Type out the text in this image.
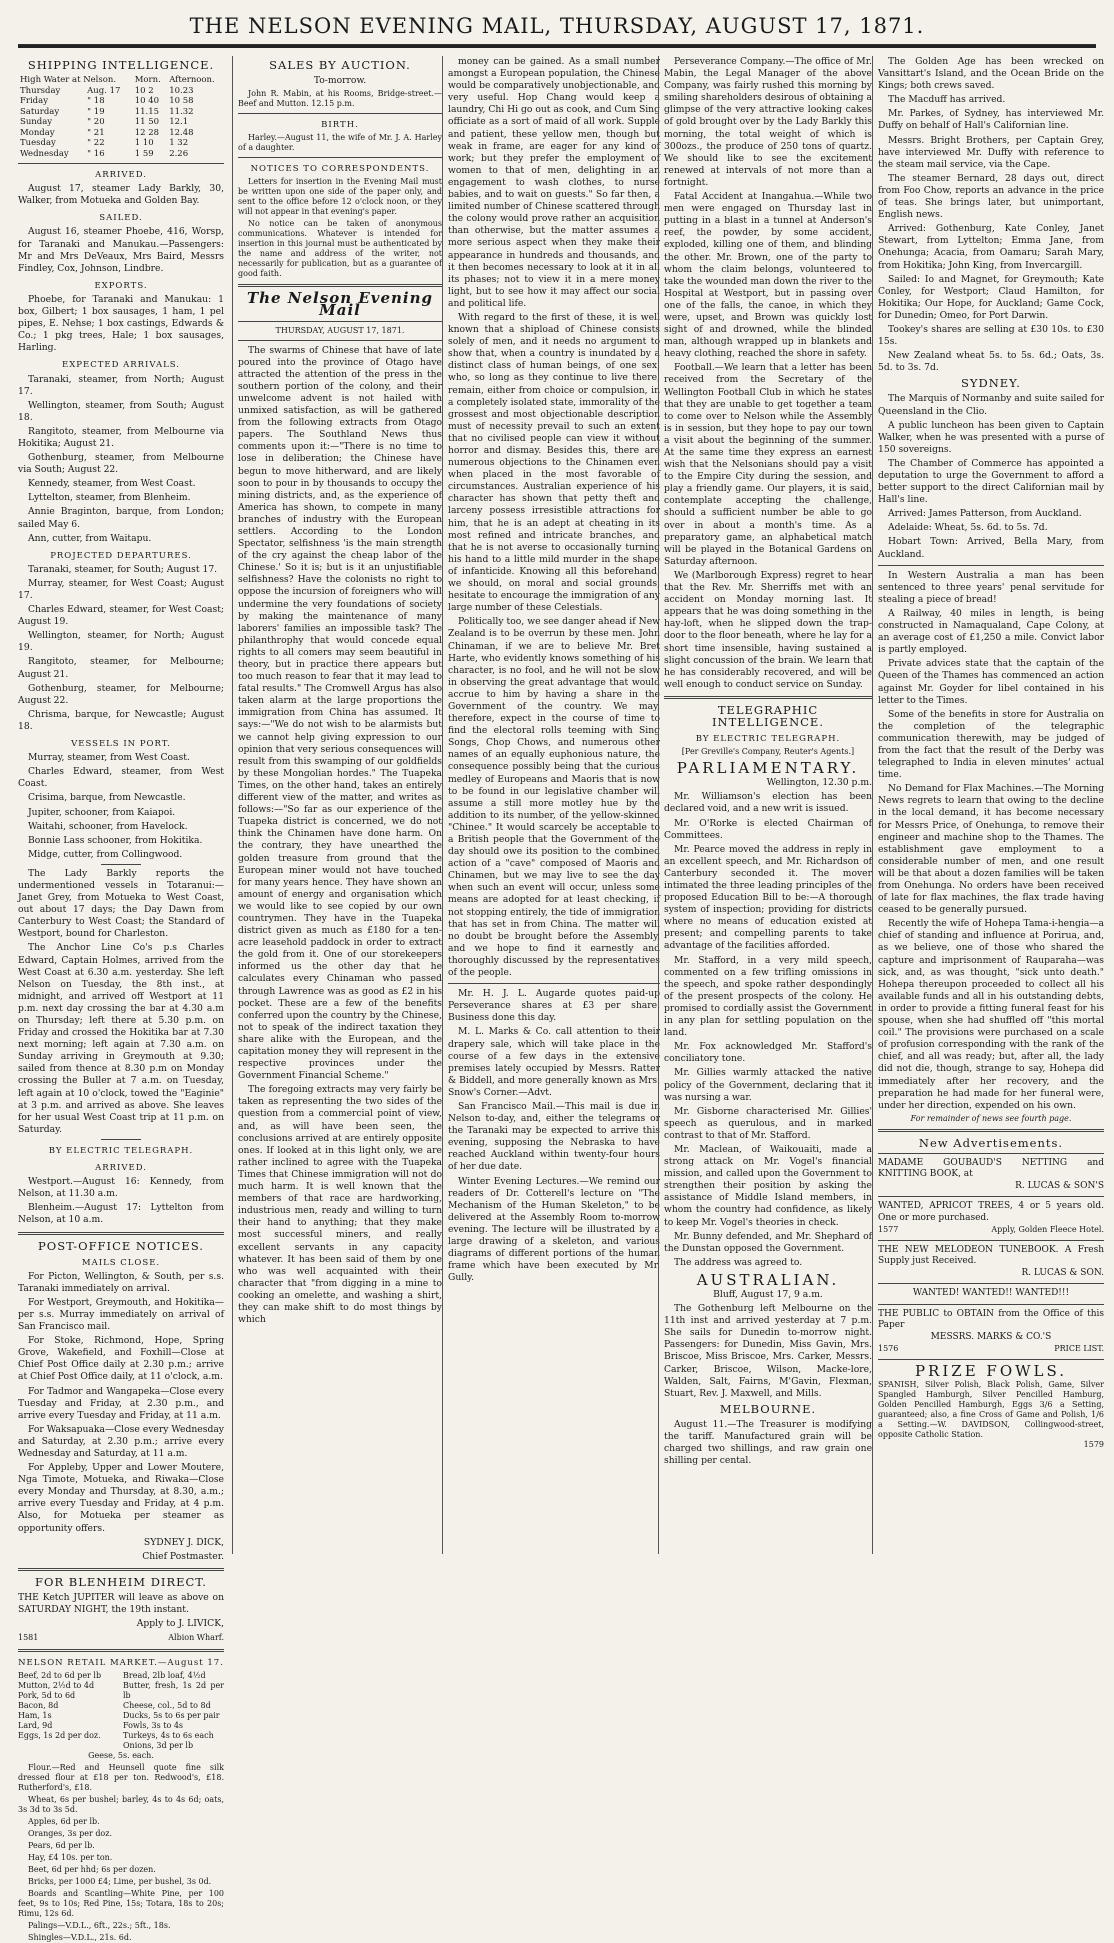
THE NELSON EVENING MAIL, THURSDAY, AUGUST 17, 1871.
SHIPPING INTELLIGENCE.
High Water at Nelson.		Morn.	Afternoon.
Thursday	Aug. 17	10 2	10.23
Friday	" 18	10 40	10 58
Saturday	" 19	11.15	11.32
Sunday	" 20	11 50	12.1
Monday	" 21	12 28	12.48
Tuesday	" 22	1 10	1 32
Wednesday	" 16	1 59	2.26
ARRIVED.

August 17, steamer Lady Barkly, 30, Walker, from Motueka and Golden Bay.

SAILED.

August 16, steamer Phoebe, 416, Worsp, for Taranaki and Manukau.—Passengers: Mr and Mrs DeVeaux, Mrs Baird, Messrs Findley, Cox, Johnson, Lindbre.

EXPORTS.

Phoebe, for Taranaki and Manukau: 1 box, Gilbert; 1 box sausages, 1 ham, 1 pel pipes, E. Nehse; 1 box castings, Edwards & Co.; 1 pkg trees, Hale; 1 box sausages, Harling.

EXPECTED ARRIVALS.

Taranaki, steamer, from North; August 17.

Wellington, steamer, from South; August 18.

Rangitoto, steamer, from Melbourne via Hokitika; August 21.

Gothenburg, steamer, from Melbourne via South; August 22.

Kennedy, steamer, from West Coast.

Lyttelton, steamer, from Blenheim.

Annie Braginton, barque, from London; sailed May 6.

Ann, cutter, from Waitapu.

PROJECTED DEPARTURES.

Taranaki, steamer, for South; August 17.

Murray, steamer, for West Coast; August 17.

Charles Edward, steamer, for West Coast; August 19.

Wellington, steamer, for North; August 19.

Rangitoto, steamer, for Melbourne; August 21.

Gothenburg, steamer, for Melbourne; August 22.

Chrisma, barque, for Newcastle; August 18.

VESSELS IN PORT.

Murray, steamer, from West Coast.

Charles Edward, steamer, from West Coast.

Crisima, barque, from Newcastle.

Jupiter, schooner, from Kaiapoi.

Waitahi, schooner, from Havelock.

Bonnie Lass schooner, from Hokitika.

Midge, cutter, from Collingwood.

The Lady Barkly reports the undermentioned vessels in Totaranui:—Janet Grey, from Motueka to West Coast, out about 17 days; the Day Dawn from Canterbury to West Coast; the Standard of Westport, bound for Charleston.

The Anchor Line Co's p.s Charles Edward, Captain Holmes, arrived from the West Coast at 6.30 a.m. yesterday. She left Nelson on Tuesday, the 8th inst., at midnight, and arrived off Westport at 11 p.m. next day crossing the bar at 4.30 a.m on Thursday; left there at 5.30 p.m. on Friday and crossed the Hokitika bar at 7.30 next morning; left again at 7.30 a.m. on Sunday arriving in Greymouth at 9.30; sailed from thence at 8.30 p.m on Monday crossing the Buller at 7 a.m. on Tuesday, left again at 10 o'clock, towed the "Eaginie" at 3 p.m. and arrived as above. She leaves for her usual West Coast trip at 11 p.m. on Saturday.

BY ELECTRIC TELEGRAPH.
ARRIVED.

Westport.—August 16: Kennedy, from Nelson, at 11.30 a.m.

Blenheim.—August 17: Lyttelton from Nelson, at 10 a.m.

POST-OFFICE NOTICES.
MAILS CLOSE.

For Picton, Wellington, & South, per s.s. Taranaki immediately on arrival.

For Westport, Greymouth, and Hokitika—per s.s. Murray immediately on arrival of San Francisco mail.

For Stoke, Richmond, Hope, Spring Grove, Wakefield, and Foxhill—Close at Chief Post Office daily at 2.30 p.m.; arrive at Chief Post Office daily, at 11 o'clock, a.m.

For Tadmor and Wangapeka—Close every Tuesday and Friday, at 2.30 p.m., and arrive every Tuesday and Friday, at 11 a.m.

For Waksapuaka—Close every Wednesday and Saturday, at 2.30 p.m.; arrive every Wednesday and Saturday, at 11 a.m.

For Appleby, Upper and Lower Moutere, Nga Timote, Motueka, and Riwaka—Close every Monday and Thursday, at 8.30, a.m.; arrive every Tuesday and Friday, at 4 p.m. Also, for Motueka per steamer as opportunity offers.

SYDNEY J. DICK,

Chief Postmaster.

FOR BLENHEIM DIRECT.

THE Ketch JUPITER will leave as above on SATURDAY NIGHT, the 19th instant.

Apply to J. LIVICK,

1581	Albion Wharf.
NELSON RETAIL MARKET.—August 17.
Beef, 2d to 6d per lb
Mutton, 2½d to 4d
Pork, 5d to 6d
Bacon, 8d
Ham, 1s
Lard, 9d
Eggs, 1s 2d per doz.
Bread, 2lb loaf, 4½d
Butter, fresh, 1s 2d per lb
Cheese, col., 5d to 8d
Ducks, 5s to 6s per pair
Fowls, 3s to 4s
Turkeys, 4s to 6s each
Onions, 3d per lb

Geese, 5s. each.

Flour.—Red and Heunsell quote fine silk dressed flour at £18 per ton. Redwood's, £18. Rutherford's, £18.

Wheat, 6s per bushel; barley, 4s to 4s 6d; oats, 3s 3d to 3s 5d.

Apples, 6d per lb.

Oranges, 3s per doz.

Pears, 6d per lb.

Hay, £4 10s. per ton.

Beet, 6d per hhd; 6s per dozen.

Bricks, per 1000 £4; Lime, per bushel, 3s 0d.

Boards and Scantling—White Pine, per 100 feet, 9s to 10s; Red Pine, 15s; Totara, 18s to 20s; Rimu, 12s 6d.

Palings—V.D.L., 6ft., 22s.; 5ft., 18s.

Shingles—V.D.L., 21s. 6d.

SALES BY AUCTION.

To-morrow.

John R. Mabin, at his Rooms, Bridge-street.—Beef and Mutton. 12.15 p.m.

BIRTH.

Harley.—August 11, the wife of Mr. J. A. Harley of a daughter.

NOTICES TO CORRESPONDENTS.

Letters for insertion in the Evening Mail must be written upon one side of the paper only, and sent to the office before 12 o'clock noon, or they will not appear in that evening's paper.

No notice can be taken of anonymous communications. Whatever is intended for insertion in this journal must be authenticated by the name and address of the writer, not necessarily for publication, but as a guarantee of good faith.

The Nelson Evening Mail

THURSDAY, AUGUST 17, 1871.

The swarms of Chinese that have of late poured into the province of Otago have attracted the attention of the press in the southern portion of the colony, and their unwelcome advent is not hailed with unmixed satisfaction, as will be gathered from the following extracts from Otago papers. The Southland News thus comments upon it:—"There is no time to lose in deliberation; the Chinese have begun to move hitherward, and are likely soon to pour in by thousands to occupy the mining districts, and, as the experience of America has shown, to compete in many branches of industry with the European settlers. According to the London Spectator, selfishness 'is the main strength of the cry against the cheap labor of the Chinese.' So it is; but is it an unjustifiable selfishness? Have the colonists no right to oppose the incursion of foreigners who will undermine the very foundations of society by making the maintenance of many laborers' families an impossible task? The philanthrophy that would concede equal rights to all comers may seem beautiful in theory, but in practice there appears but too much reason to fear that it may lead to fatal results." The Cromwell Argus has also taken alarm at the large proportions the immigration from China has assumed. It says:—"We do not wish to be alarmists but we cannot help giving expression to our opinion that very serious consequences will result from this swamping of our goldfields by these Mongolian hordes." The Tuapeka Times, on the other hand, takes an entirely different view of the matter, and writes as follows:—"So far as our experience of the Tuapeka district is concerned, we do not think the Chinamen have done harm. On the contrary, they have unearthed the golden treasure from ground that the European miner would not have touched for many years hence. They have shown an amount of energy and organisation which we would like to see copied by our own countrymen. They have in the Tuapeka district given as much as £180 for a ten-acre leasehold paddock in order to extract the gold from it. One of our storekeepers informed us the other day that he calculates every Chinaman who passed through Lawrence was as good as £2 in his pocket. These are a few of the benefits conferred upon the country by the Chinese, not to speak of the indirect taxation they share alike with the European, and the capitation money they will represent in the respective provinces under the Government Financial Scheme."

The foregoing extracts may very fairly be taken as representing the two sides of the question from a commercial point of view, and, as will have been seen, the conclusions arrived at are entirely opposite ones. If looked at in this light only, we are rather inclined to agree with the Tuapeka Times that Chinese immigration will not do much harm. It is well known that the members of that race are hardworking, industrious men, ready and willing to turn their hand to anything; that they make most successful miners, and really excellent servants in any capacity whatever. It has been said of them by one who was well acquainted with their character that "from digging in a mine to cooking an omelette, and washing a shirt, they can make shift to do most things by which

money can be gained. As a small number amongst a European population, the Chinese would be comparatively unobjectionable, and very useful. Hop Chang would keep a laundry, Chi Hi go out as cook, and Cum Sing officiate as a sort of maid of all work. Supple and patient, these yellow men, though but weak in frame, are eager for any kind of work; but they prefer the employment of women to that of men, delighting in an engagement to wash clothes, to nurse babies, and to wait on guests." So far then, a limited number of Chinese scattered through the colony would prove rather an acquisition than otherwise, but the matter assumes a more serious aspect when they make their appearance in hundreds and thousands, and it then becomes necessary to look at it in all its phases; not to view it in a mere money light, but to see how it may affect our social and political life.

With regard to the first of these, it is well known that a shipload of Chinese consists solely of men, and it needs no argument to show that, when a country is inundated by a distinct class of human beings, of one sex, who, so long as they continue to live there, remain, either from choice or compulsion, in a completely isolated state, immorality of the grossest and most objectionable description must of necessity prevail to such an extent that no civilised people can view it without horror and dismay. Besides this, there are numerous objections to the Chinamen even when placed in the most favorable of circumstances. Australian experience of his character has shown that petty theft and larceny possess irresistible attractions for him, that he is an adept at cheating in its most refined and intricate branches, and that he is not averse to occasionally turning his hand to a little mild murder in the shape of infanticide. Knowing all this beforehand, we should, on moral and social grounds, hesitate to encourage the immigration of any large number of these Celestials.

Politically too, we see danger ahead if New Zealand is to be overrun by these men. John Chinaman, if we are to believe Mr. Bret Harte, who evidently knows something of his character, is no fool, and he will not be slow in observing the great advantage that would accrue to him by having a share in the Government of the country. We may, therefore, expect in the course of time to find the electoral rolls teeming with Sing Songs, Chop Chows, and numerous other names of an equally euphonious nature, the consequence possibly being that the curious medley of Europeans and Maoris that is now to be found in our legislative chamber will assume a still more motley hue by the addition to its number, of the yellow-skinned "Chinee." It would scarcely be acceptable to a British people that the Government of the day should owe its position to the combined action of a "cave" composed of Maoris and Chinamen, but we may live to see the day when such an event will occur, unless some means are adopted for at least checking, if not stopping entirely, the tide of immigration that has set in from China. The matter will no doubt be brought before the Assembly, and we hope to find it earnestly and thoroughly discussed by the representatives of the people.

Mr. H. J. L. Augarde quotes paid-up Perseverance shares at £3 per share. Business done this day.

M. L. Marks & Co. call attention to their drapery sale, which will take place in the course of a few days in the extensive premises lately occupied by Messrs. Ratter & Biddell, and more generally known as Mrs. Snow's Corner.—Advt.

San Francisco Mail.—This mail is due in Nelson to-day, and, either the telegrams or the Taranaki may be expected to arrive this evening, supposing the Nebraska to have reached Auckland within twenty-four hours of her due date.

Winter Evening Lectures.—We remind our readers of Dr. Cotterell's lecture on "The Mechanism of the Human Skeleton," to be delivered at the Assembly Room to-morrow evening. The lecture will be illustrated by a large drawing of a skeleton, and various diagrams of different portions of the human frame which have been executed by Mr. Gully.

Perseverance Company.—The office of Mr. Mabin, the Legal Manager of the above Company, was fairly rushed this morning by smiling shareholders desirous of obtaining a glimpse of the very attractive looking cakes of gold brought over by the Lady Barkly this morning, the total weight of which is 300ozs., the produce of 250 tons of quartz. We should like to see the excitement renewed at intervals of not more than a fortnight.

Fatal Accident at Inangahua.—While two men were engaged on Thursday last in putting in a blast in a tunnel at Anderson's reef, the powder, by some accident, exploded, killing one of them, and blinding the other. Mr. Brown, one of the party to whom the claim belongs, volunteered to take the wounded man down the river to the Hospital at Westport, but in passing over one of the falls, the canoe, in which they were, upset, and Brown was quickly lost sight of and drowned, while the blinded man, although wrapped up in blankets and heavy clothing, reached the shore in safety.

Football.—We learn that a letter has been received from the Secretary of the Wellington Football Club in which he states that they are unable to get together a team to come over to Nelson while the Assembly is in session, but they hope to pay our town a visit about the beginning of the summer. At the same time they express an earnest wish that the Nelsonians should pay a visit to the Empire City during the session, and play a friendly game. Our players, it is said, contemplate accepting the challenge, should a sufficient number be able to go over in about a month's time. As a preparatory game, an alphabetical match will be played in the Botanical Gardens on Saturday afternoon.

We (Marlborough Express) regret to hear that the Rev. Mr. Sherriffs met with an accident on Monday morning last. It appears that he was doing something in the hay-loft, when he slipped down the trap-door to the floor beneath, where he lay for a short time insensible, having sustained a slight concussion of the brain. We learn that he has considerably recovered, and will be well enough to conduct service on Sunday.

TELEGRAPHIC INTELLIGENCE.
BY ELECTRIC TELEGRAPH.

[Per Greville's Company, Reuter's Agents.]

PARLIAMENTARY.

Wellington, 12.30 p.m.

Mr. Williamson's election has been declared void, and a new writ is issued.

Mr. O'Rorke is elected Chairman of Committees.

Mr. Pearce moved the address in reply in an excellent speech, and Mr. Richardson of Canterbury seconded it. The mover intimated the three leading principles of the proposed Education Bill to be:—A thorough system of inspection; providing for districts where no means of education existed at present; and compelling parents to take advantage of the facilities afforded.

Mr. Stafford, in a very mild speech, commented on a few trifling omissions in the speech, and spoke rather despondingly of the present prospects of the colony. He promised to cordially assist the Government in any plan for settling population on the land.

Mr. Fox acknowledged Mr. Stafford's conciliatory tone.

Mr. Gillies warmly attacked the native policy of the Government, declaring that it was nursing a war.

Mr. Gisborne characterised Mr. Gillies' speech as querulous, and in marked contrast to that of Mr. Stafford.

Mr. Maclean, of Waikouaiti, made a strong attack on Mr. Vogel's financial mission, and called upon the Government to strengthen their position by asking the assistance of Middle Island members, in whom the country had confidence, as likely to keep Mr. Vogel's theories in check.

Mr. Bunny defended, and Mr. Shephard of the Dunstan opposed the Government.

The address was agreed to.

AUSTRALIAN.

Bluff, August 17, 9 a.m.

The Gothenburg left Melbourne on the 11th inst and arrived yesterday at 7 p.m. She sails for Dunedin to-morrow night. Passengers: for Dunedin, Miss Gavin, Mrs. Briscoe, Miss Briscoe, Mrs. Carker, Messrs. Carker, Briscoe, Wilson, Macke-lore, Walden, Salt, Fairns, M'Gavin, Flexman, Stuart, Rev. J. Maxwell, and Mills.

MELBOURNE.

August 11.—The Treasurer is modifying the tariff. Manufactured grain will be charged two shillings, and raw grain one shilling per cental.

The Golden Age has been wrecked on Vansittart's Island, and the Ocean Bride on the Kings; both crews saved.

The Macduff has arrived.

Mr. Parkes, of Sydney, has interviewed Mr. Duffy on behalf of Hall's Californian line.

Messrs. Bright Brothers, per Captain Grey, have interviewed Mr. Duffy with reference to the steam mail service, via the Cape.

The steamer Bernard, 28 days out, direct from Foo Chow, reports an advance in the price of teas. She brings later, but unimportant, English news.

Arrived: Gothenburg, Kate Conley, Janet Stewart, from Lyttelton; Emma Jane, from Onehunga; Acacia, from Oamaru; Sarah Mary, from Hokitika; John King, from Invercargill.

Sailed: Io and Magnet, for Greymouth; Kate Conley, for Westport; Claud Hamilton, for Hokitika; Our Hope, for Auckland; Game Cock, for Dunedin; Omeo, for Port Darwin.

Tookey's shares are selling at £30 10s. to £30 15s.

New Zealand wheat 5s. to 5s. 6d.; Oats, 3s. 5d. to 3s. 7d.

SYDNEY.

The Marquis of Normanby and suite sailed for Queensland in the Clio.

A public luncheon has been given to Captain Walker, when he was presented with a purse of 150 sovereigns.

The Chamber of Commerce has appointed a deputation to urge the Government to afford a better support to the direct Californian mail by Hall's line.

Arrived: James Patterson, from Auckland.

Adelaide: Wheat, 5s. 6d. to 5s. 7d.

Hobart Town: Arrived, Bella Mary, from Auckland.

In Western Australia a man has been sentenced to three years' penal servitude for stealing a piece of bread!

A Railway, 40 miles in length, is being constructed in Namaqualand, Cape Colony, at an average cost of £1,250 a mile. Convict labor is partly employed.

Private advices state that the captain of the Queen of the Thames has commenced an action against Mr. Goyder for libel contained in his letter to the Times.

Some of the benefits in store for Australia on the completion of the telegraphic communication therewith, may be judged of from the fact that the result of the Derby was telegraphed to India in eleven minutes' actual time.

No Demand for Flax Machines.—The Morning News regrets to learn that owing to the decline in the local demand, it has become necessary for Messrs Price, of Onehunga, to remove their engineer and machine shop to the Thames. The establishment gave employment to a considerable number of men, and one result will be that about a dozen families will be taken from Onehunga. No orders have been received of late for flax machines, the flax trade having ceased to be generally pursued.

Recently the wife of Hohepa Tama-i-hengia—a chief of standing and influence at Porirua, and, as we believe, one of those who shared the capture and imprisonment of Rauparaha—was sick, and, as was thought, "sick unto death." Hohepa thereupon proceeded to collect all his available funds and all in his outstanding debts, in order to provide a fitting funeral feast for his spouse, when she had shuffled off "this mortal coil." The provisions were purchased on a scale of profusion corresponding with the rank of the chief, and all was ready; but, after all, the lady did not die, though, strange to say, Hohepa did immediately after her recovery, and the preparation he had made for her funeral were, under her direction, expended on his own.

For remainder of news see fourth page.

New Advertisements.
MADAME GOUBAUD'S NETTING and KNITTING BOOK, at
R. LUCAS & SON'S
WANTED, APRICOT TREES, 4 or 5 years old. One or more purchased.
1577	Apply, Golden Fleece Hotel.
THE NEW MELODEON TUNEBOOK. A Fresh Supply just Received.
R. LUCAS & SON.
WANTED! WANTED!! WANTED!!!
THE PUBLIC to OBTAIN from the Office of this Paper
MESSRS. MARKS & CO.'S
1576	PRICE LIST.
PRIZE FOWLS.
SPANISH, Silver Polish, Black Polish, Game, Silver Spangled Hamburgh, Silver Pencilled Hamburg, Golden Pencilled Hamburgh, Eggs 3/6 a Setting, guaranteed; also, a fine Cross of Game and Polish, 1/6 a Setting.—W. DAVIDSON, Collingwood-street, opposite Catholic Station.
1579
